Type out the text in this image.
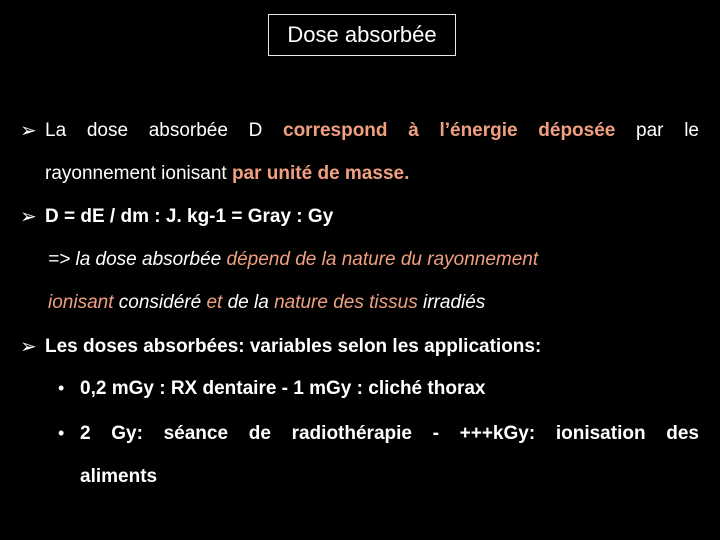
Dose absorbée
➢ La dose absorbée D correspond à l’énergie déposée par le
rayonnement ionisant par unité de masse.
➢ D = dE / dm : J. kg-1 = Gray : Gy
=> la dose absorbée dépend de la nature du rayonnement
ionisant considéré et de la nature des tissus irradiés
➢ Les doses absorbées: variables selon les applications:
• 0,2 mGy : RX dentaire - 1 mGy : cliché thorax
• 2 Gy: séance de radiothérapie - +++kGy: ionisation des
aliments
